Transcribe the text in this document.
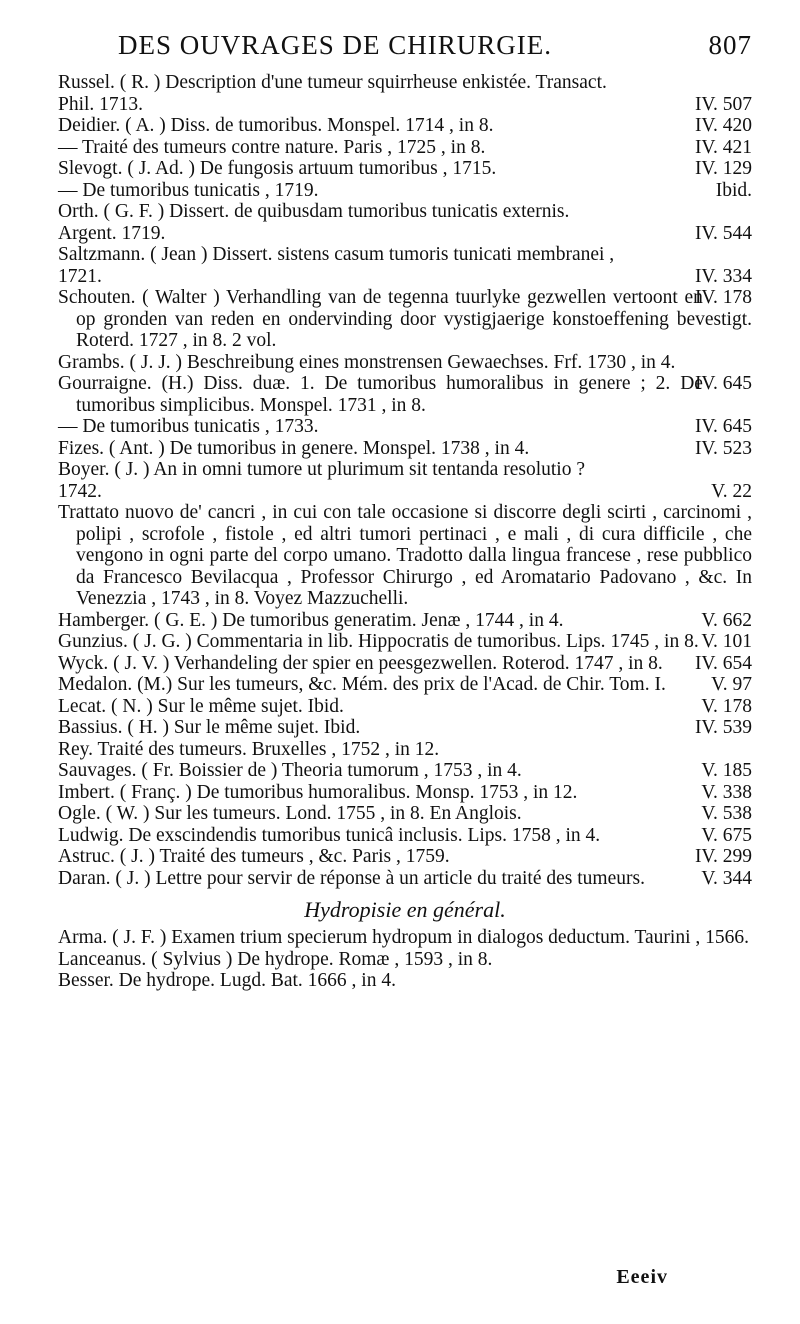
DES OUVRAGES DE CHIRURGIE.	807

Russel. ( R. ) Description d'une tumeur squirrheuse enkistée. Transact.
IV. 507
Phil. 1713.

IV. 420
Deidier. ( A. ) Diss. de tumoribus. Monspel. 1714 , in 8.

IV. 421
— Traité des tumeurs contre nature. Paris , 1725 , in 8.

IV. 129
Slevogt. ( J. Ad. ) De fungosis artuum tumoribus , 1715.

Ibid.
— De tumoribus tunicatis , 1719.

Orth. ( G. F. ) Dissert. de quibusdam tumoribus tunicatis externis.
IV. 544
Argent. 1719.

Saltzmann. ( Jean ) Dissert. sistens casum tumoris tunicati membranei ,
IV. 334
1721.

IV. 178
Schouten. ( Walter ) Verhandling van de tegenna tuurlyke gezwellen vertoont en op gronden van reden en ondervinding door vystigjaerige konstoeffening bevestigt. Roterd. 1727 , in 8. 2 vol.

Grambs. ( J. J. ) Beschreibung eines monstrensen Gewaechses. Frf. 1730 , in 4.

IV. 645
Gourraigne. (H.) Diss. duæ. 1. De tumoribus humoralibus in genere ; 2. De tumoribus simplicibus. Monspel. 1731 , in 8.

IV. 645
— De tumoribus tunicatis , 1733.

IV. 523
Fizes. ( Ant. ) De tumoribus in genere. Monspel. 1738 , in 4.

Boyer. ( J. ) An in omni tumore ut plurimum sit tentanda resolutio ?
V. 22
1742.

Trattato nuovo de' cancri , in cui con tale occasione si discorre degli scirti , carcinomi , polipi , scrofole , fistole , ed altri tumori pertinaci , e mali , di cura difficile , che vengono in ogni parte del corpo umano. Tradotto dalla lingua francese , rese pubblico da Francesco Bevilacqua , Professor Chirurgo , ed Aromatario Padovano , &c. In Venezzia , 1743 , in 8. Voyez Mazzuchelli.

V. 662
Hamberger. ( G. E. ) De tumoribus generatim. Jenæ , 1744 , in 4.

V. 101
Gunzius. ( J. G. ) Commentaria in lib. Hippocratis de tumoribus. Lips. 1745 , in 8.

IV. 654
Wyck. ( J. V. ) Verhandeling der spier en peesgezwellen. Roterod. 1747 , in 8.

V. 97
Medalon. (M.) Sur les tumeurs, &c. Mém. des prix de l'Acad. de Chir. Tom. I.

V. 178
Lecat. ( N. ) Sur le même sujet. Ibid.

IV. 539
Bassius. ( H. ) Sur le même sujet. Ibid.

Rey. Traité des tumeurs. Bruxelles , 1752 , in 12.

V. 185
Sauvages. ( Fr. Boissier de ) Theoria tumorum , 1753 , in 4.

V. 338
Imbert. ( Franç. ) De tumoribus humoralibus. Monsp. 1753 , in 12.

V. 538
Ogle. ( W. ) Sur les tumeurs. Lond. 1755 , in 8. En Anglois.

V. 675
Ludwig. De exscindendis tumoribus tunicâ inclusis. Lips. 1758 , in 4.

IV. 299
Astruc. ( J. ) Traité des tumeurs , &c. Paris , 1759.

V. 344
Daran. ( J. ) Lettre pour servir de réponse à un article du traité des tumeurs.

Hydropisie en général.

Arma. ( J. F. ) Examen trium specierum hydropum in dialogos deductum. Taurini , 1566.

Lanceanus. ( Sylvius ) De hydrope. Romæ , 1593 , in 8.

Besser. De hydrope. Lugd. Bat. 1666 , in 4.

Eeeiv
